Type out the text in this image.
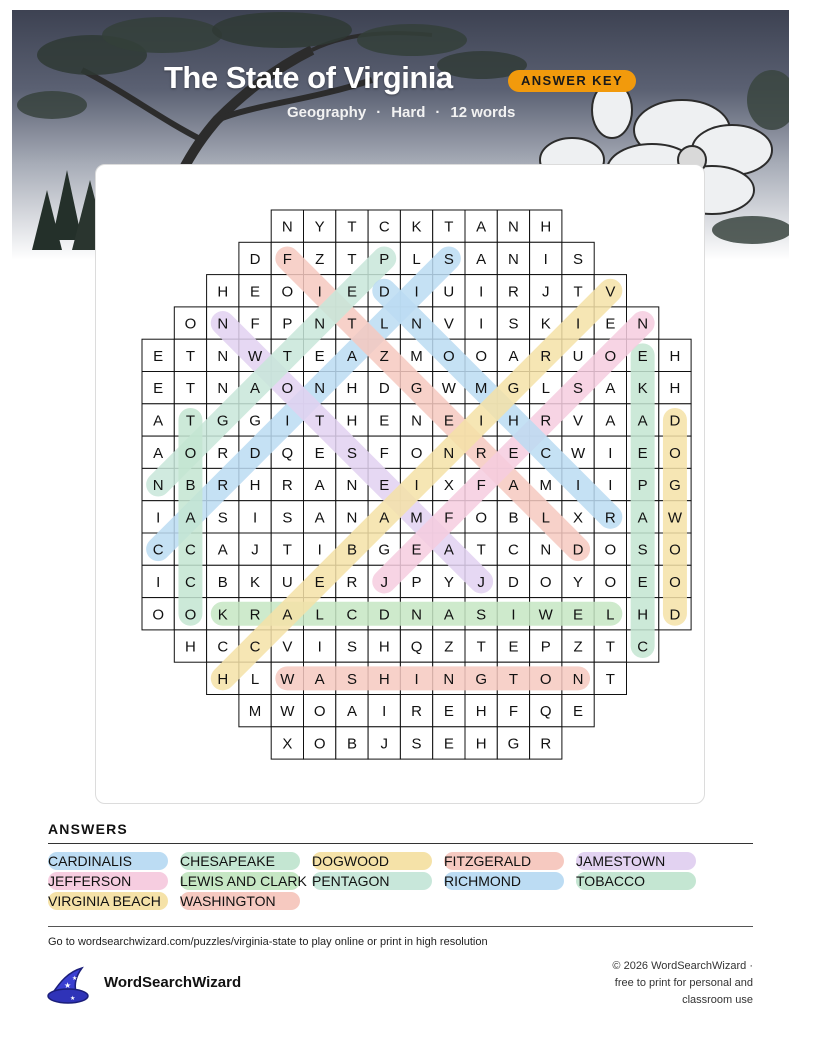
The State of Virginia	ANSWER KEY
Geography · Hard · 12 words
N Y T C K T A N H
D F Z T P L S A N I S
H E O I E D I U I R J T V
O N F P N T L N V I S K I E N
E T N W T E A Z M O O A R U O E H
E T N A O N H D G W M G L S A K H
A T G G I T H E N E I H R V A A D
A O R D Q E S F O N R E C W I E O
N B R H R A N E I X F A M I I P G
I A S I S A N A M F O B L X R A W
C C A J T I B G E A T C N D O S O
I C B K U E R J P Y J D O Y O E O
O O K R A L C D N A S I W E L H D
H C C V I S H Q Z T E P Z T C
H L W A S H I N G T O N T
M W O A I R E H F Q E
X O B J S E H G R
ANSWERS
CARDINALIS	CHESAPEAKE	DOGWOOD	FITZGERALD	JAMESTOWN
JEFFERSON	LEWIS AND CLARK PENTAGON	RICHMOND	TOBACCO
VIRGINIA BEACH	WASHINGTON
Go to wordsearchwizard.com/puzzles/virginia-state to play online or print in high resolution
★
★
★
WordSearchWizard
© 2026 WordSearchWizard ·
free to print for personal and
classroom use
